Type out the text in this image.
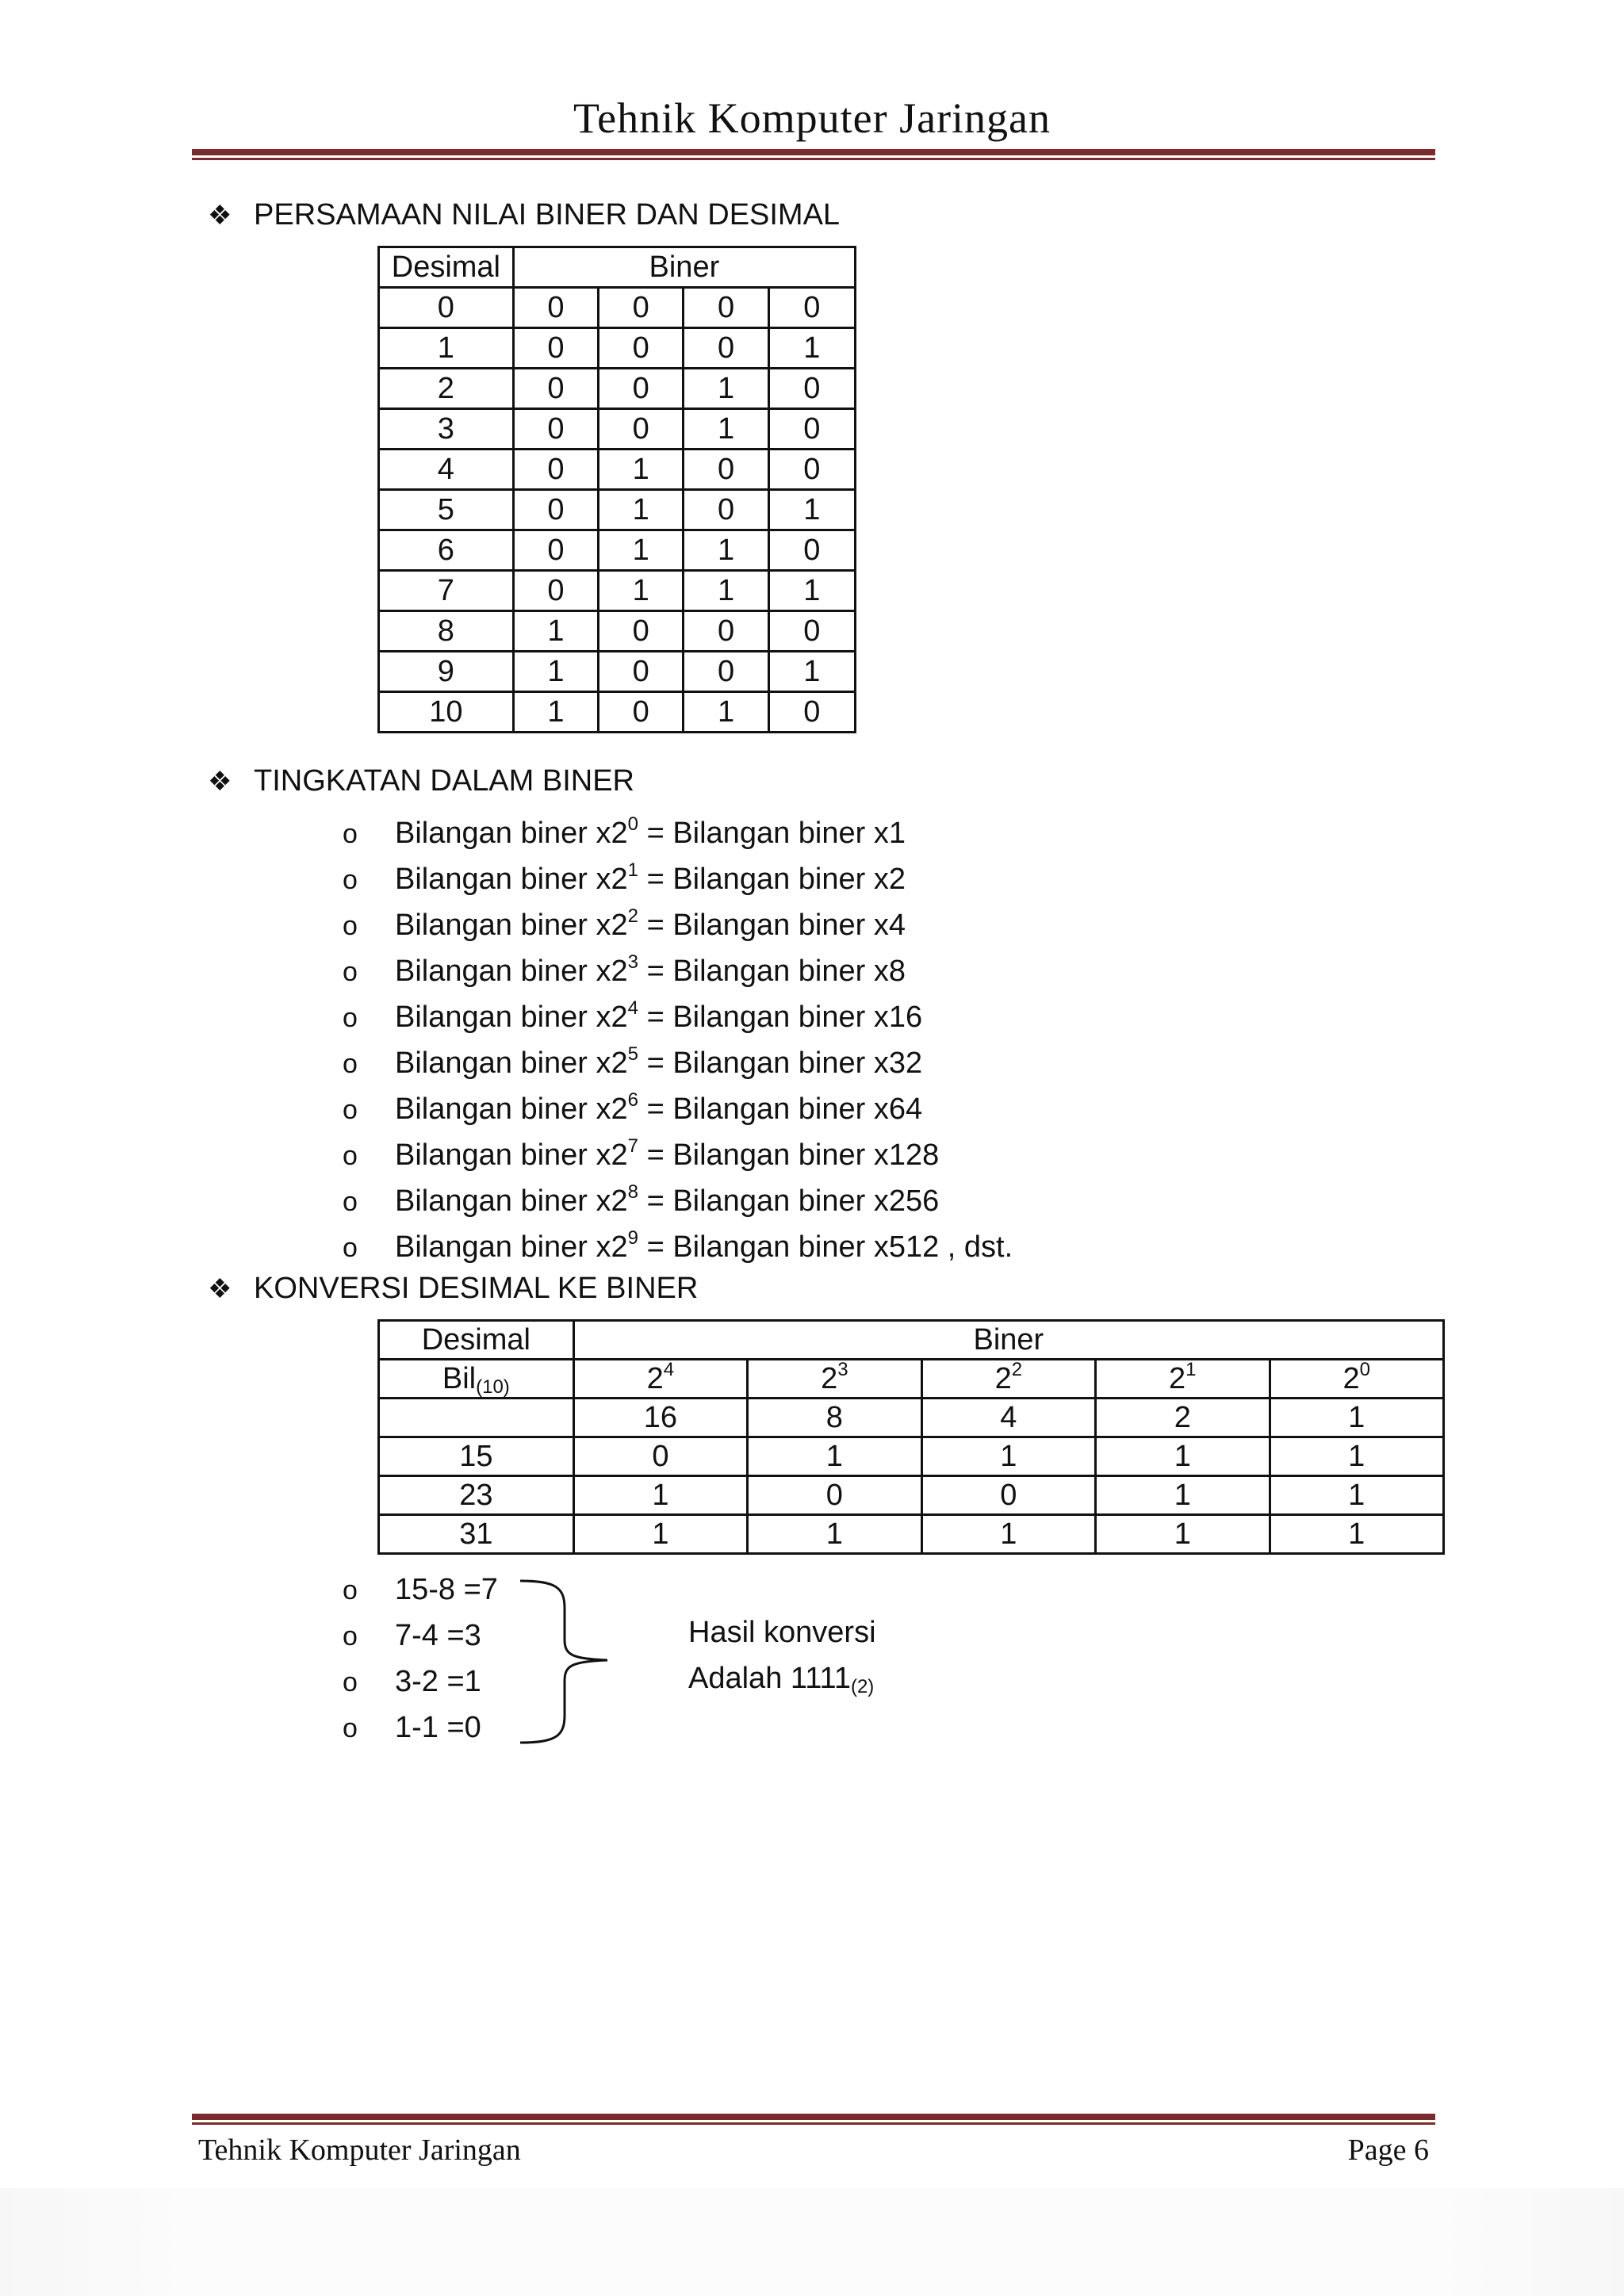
Tehnik Komputer Jaringan
❖ PERSAMAAN NILAI BINER DAN DESIMAL
Desimal	Biner			
0	0	0	0	0
1	0	0	0	1
2	0	0	1	0
3	0	0	1	0
4	0	1	0	0
5	0	1	0	1
6	0	1	1	0
7	0	1	1	1
8	1	0	0	0
9	1	0	0	1
10	1	0	1	0
❖ TINGKATAN DALAM BINER
o Bilangan biner $x2^0$ = Bilangan biner x1
o Bilangan biner $x2^1$ = Bilangan biner x2
o Bilangan biner $x2^2$ = Bilangan biner x4
o Bilangan biner $x2^3$ = Bilangan biner x8
o Bilangan biner $x2^4$ = Bilangan biner x16
o Bilangan biner $x2^5$ = Bilangan biner x32
o Bilangan biner $x2^6$ = Bilangan biner x64
o Bilangan biner $x2^7$ = Bilangan biner x128
o Bilangan biner $x2^8$ = Bilangan biner x256
o Bilangan biner $x2^9$ = Bilangan biner x512 , dst.
❖ KONVERSI DESIMAL KE BINER
Desimal	Biner				
Bil$_{(10)}$	$2^4$	$2^3$	$2^2$	$2^1$	$2^0$
	16	8	4	2	1
15	0	1	1	1	1
23	1	0	0	1	1
31	1	1	1	1	1
o 15-8 =7
o 7-4 =3
o 3-2 =1
o 1-1 =0
Hasil konversi
Adalah $1111_{(2)}$
Tehnik Komputer Jaringan	Page 6
